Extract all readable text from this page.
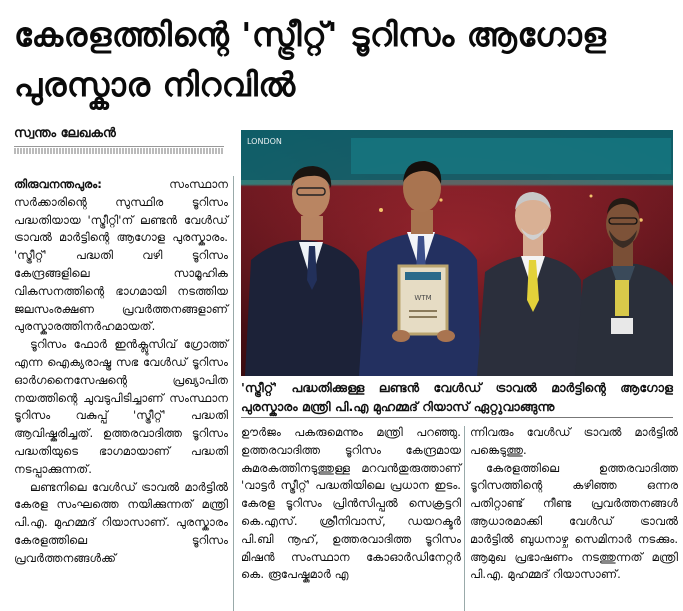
കേരളത്തിന്റെ 'സ്ട്രീറ്റ്' ടൂറിസം ആഗോള
പുരസ്കാര നിറവിൽ
സ്വന്തം ലേഖകൻ

തിരുവനന്തപുരം:	സംസ്ഥാന സർക്കാരിന്റെ സുസ്ഥിര ടൂറിസം പദ്ധതിയായ 'സ്ട്രീറ്റി'ന് ലണ്ടൻ വേൾഡ് ട്രാവൽ മാർട്ടിന്റെ ആഗോള പുരസ്കാരം. 'സ്ട്രീറ്റ്' പദ്ധതി വഴി ടൂറിസം കേന്ദ്രങ്ങളിലെ സാമൂഹിക വികസനത്തിന്റെ ഭാഗമായി നടത്തിയ ജലസംരക്ഷണ പ്രവർത്തനങ്ങളാണ് പുരസ്കാരത്തിനർഹമായത്.

ടൂറിസം ഫോർ ഇൻക്ലൂസിവ് ഗ്രോത്ത് എന്ന ഐക്യരാഷ്ട്ര സഭ വേൾഡ് ടൂറിസം ഓർഗനൈസേഷന്റെ പ്രഖ്യാപിത നയത്തിന്റെ ചുവടുപിടിച്ചാണ് സംസ്ഥാന ടൂറിസം വകുപ്പ് 'സ്ട്രീറ്റ്' പദ്ധതി ആവിഷ്കരിച്ചത്. ഉത്തരവാദിത്ത ടൂറിസം പദ്ധതിയുടെ ഭാഗമായാണ് പദ്ധതി നടപ്പാക്കുന്നത്.

ലണ്ടനിലെ വേൾഡ് ട്രാവൽ മാർട്ടിൽ കേരള സംഘത്തെ നയിക്കുന്നത് മന്ത്രി പി.എ. മുഹമ്മദ് റിയാസാണ്. പുരസ്കാരം കേരളത്തിലെ ടൂറിസം പ്രവർത്തനങ്ങൾക്ക്

LONDON
WTM
'സ്ട്രീറ്റ്' പദ്ധതിക്കുള്ള ലണ്ടൻ വേൾഡ് ട്രാവൽ മാർട്ടിന്റെ ആഗോള പുരസ്കാരം മന്ത്രി പി.എ മുഹമ്മദ് റിയാസ് ഏറ്റുവാങ്ങുന്നു

ഊർജം പകരുമെന്നും മന്ത്രി പറഞ്ഞു. ഉത്തരവാദിത്ത ടൂറിസം കേന്ദ്രമായ കുമരകത്തിനടുത്തുള്ള മറവൻതുരുത്താണ് 'വാട്ടർ സ്ട്രീറ്റ്' പദ്ധതിയിലെ പ്രധാന ഇടം. കേരള ടൂറിസം പ്രിൻസിപ്പൽ സെക്രട്ടറി കെ.എസ്. ശ്രീനിവാസ്, ഡയറക്ടർ പി.ബി നൂഹ്, ഉത്തരവാദിത്ത ടൂറിസം മിഷൻ സംസ്ഥാന കോഓർഡിനേറ്റർ കെ. രൂപേഷ്കുമാർ എ

ന്നിവരും വേൾഡ് ട്രാവൽ മാർട്ടിൽ പങ്കെടുത്തു.

കേരളത്തിലെ ഉത്തരവാദിത്ത ടൂറിസത്തിന്റെ കഴിഞ്ഞ ഒന്നര പതിറ്റാണ്ട് നീണ്ട പ്രവർത്തനങ്ങൾ ആധാരമാക്കി വേൾഡ് ട്രാവൽ മാർട്ടിൽ ബുധനാഴ്ച സെമിനാർ നടക്കും. ആമുഖ പ്രഭാഷണം നടത്തുന്നത് മന്ത്രി പി.എ. മുഹമ്മദ് റിയാസാണ്.
